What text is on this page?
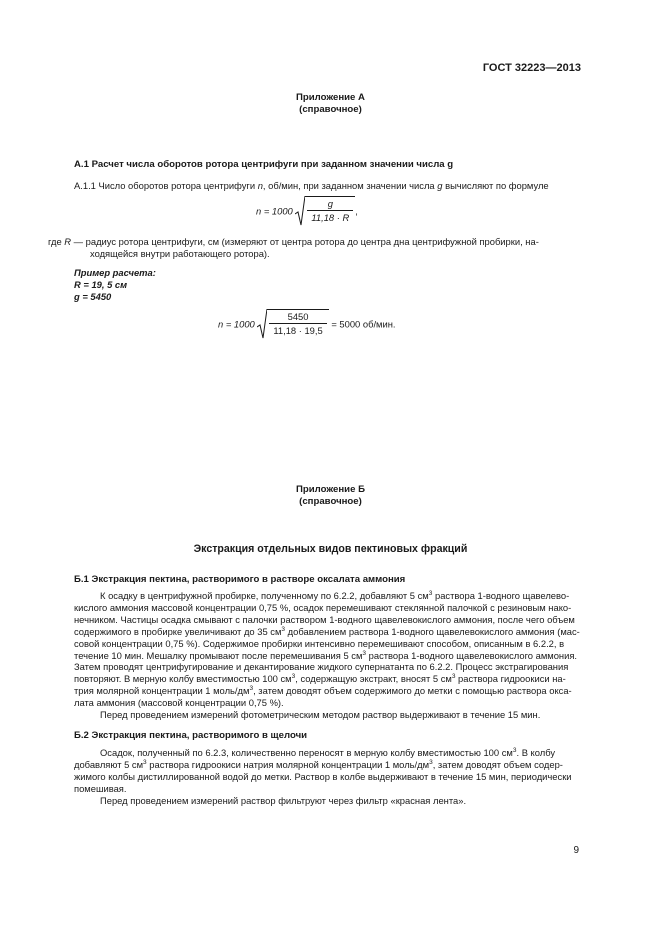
ГОСТ 32223—2013
Приложение А
(справочное)
А.1 Расчет числа оборотов ротора центрифуги при заданном значении числа g
А.1.1 Число оборотов ротора центрифуги n, об/мин, при заданном значении числа g вычисляют по формуле
$n = 1000 \frac{g}{11,18 \cdot R}$ ,
где R — радиус ротора центрифуги, см (измеряют от центра ротора до центра дна центрифужной пробирки, на-
ходящейся внутри работающего ротора).
Пример расчета:
R = 19, 5 см
g = 5450
$n = 1000 \frac{5450}{11,18 \cdot 19,5} = 5000$ об/мин.
Приложение Б
(справочное)
Экстракция отдельных видов пектиновых фракций
Б.1 Экстракция пектина, растворимого в растворе оксалата аммония

К осадку в центрифужной пробирке, полученному по 6.2.2, добавляют 5 $см^3$ раствора 1-водного щавелево-

кислого аммония массовой концентрации 0,75 %, осадок перемешивают стеклянной палочкой с резиновым нако-

нечником. Частицы осадка смывают с палочки раствором 1-водного щавелевокислого аммония, после чего объем

содержимого в пробирке увеличивают до 35 $см^3$ добавлением раствора 1-водного щавелевокислого аммония (мас-

совой концентрации 0,75 %). Содержимое пробирки интенсивно перемешивают способом, описанным в 6.2.2, в

течение 10 мин. Мешалку промывают после перемешивания 5 $см^3$ раствора 1-водного щавелевокислого аммония.

Затем проводят центрифугирование и декантирование жидкого супернатанта по 6.2.2. Процесс экстрагирования

повторяют. В мерную колбу вместимостью 100 $см^3$, содержащую экстракт, вносят 5 $см^3$ раствора гидроокиси на-

трия молярной концентрации 1 моль/$дм^3$, затем доводят объем содержимого до метки с помощью раствора окса-

лата аммония (массовой концентрации 0,75 %).

Перед проведением измерений фотометрическим методом раствор выдерживают в течение 15 мин.

Б.2 Экстракция пектина, растворимого в щелочи

Осадок, полученный по 6.2.3, количественно переносят в мерную колбу вместимостью 100 $см^3$. В колбу

добавляют 5 $см^3$ раствора гидроокиси натрия молярной концентрации 1 моль/$дм^3$, затем доводят объем содер-

жимого колбы дистиллированной водой до метки. Раствор в колбе выдерживают в течение 15 мин, периодически

помешивая.

Перед проведением измерений раствор фильтруют через фильтр «красная лента».

9
